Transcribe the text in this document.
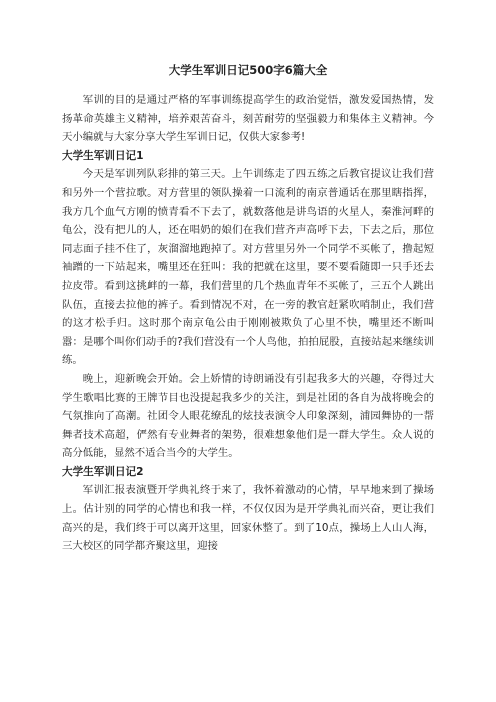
大学生军训日记500字6篇大全

军训的目的是通过严格的军事训练提高学生的政治觉悟，激发爱国热情，发扬革命英雄主义精神，培养艰苦奋斗，刻苦耐劳的坚强毅力和集体主义精神。今天小编就与大家分享大学生军训日记，仅供大家参考!

大学生军训日记1

今天是军训列队彩排的第三天。上午训练走了四五练之后教官提议让我们营和另外一个营拉歌。对方营里的领队操着一口流利的南京普通话在那里瞎指挥，我方几个血气方刚的愤青看不下去了，就数落他是讲鸟语的火星人，秦淮河畔的龟公，没有把儿的人，还在唱奶的娘们在我们营齐声高呼下去，下去之后，那位同志面子挂不住了，灰溜溜地跑掉了。对方营里另外一个同学不买帐了，撸起短袖蹭的一下站起来，嘴里还在狂叫：我的把就在这里，要不要看随即一只手还去拉皮带。看到这挑衅的一幕，我们营里的几个热血青年不买帐了，三五个人跳出队伍，直接去拉他的裤子。看到情况不对，在一旁的教官赶紧吹哨制止，我们营的这才松手归。这时那个南京龟公由于刚刚被欺负了心里不快，嘴里还不断叫嚣：是哪个叫你们动手的?我们营没有一个人鸟他，拍拍屁股，直接站起来继续训练。

晚上，迎新晚会开始。会上娇情的诗朗诵没有引起我多大的兴趣，夺得过大学生歌唱比赛的王牌节目也没提起我多少的关注，到是社团的各自为战将晚会的气氛推向了高潮。社团令人眼花缭乱的炫技表演令人印象深刻，浦园舞协的一帮舞者技术高超，俨然有专业舞者的架势，很难想象他们是一群大学生。众人说的高分低能，显然不适合当今的大学生。

大学生军训日记2

军训汇报表演暨开学典礼终于来了，我怀着激动的心情，早早地来到了操场上。估计别的同学的心情也和我一样，不仅仅因为是开学典礼而兴奋，更让我们高兴的是，我们终于可以离开这里，回家休整了。到了10点，操场上人山人海，三大校区的同学都齐聚这里，迎接
